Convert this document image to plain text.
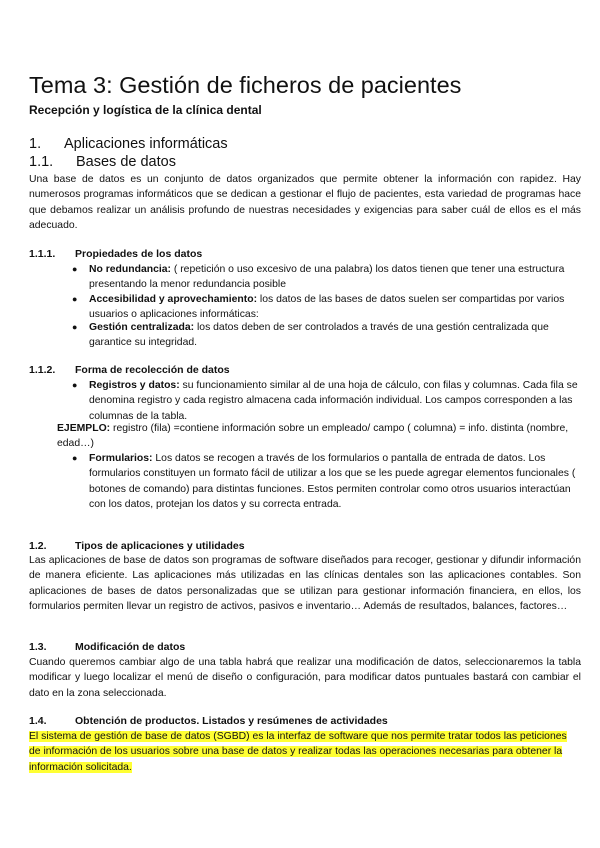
Tema 3: Gestión de ficheros de pacientes
Recepción y logística de la clínica dental
1. Aplicaciones informáticas
1.1. Bases de datos
Una base de datos es un conjunto de datos organizados que permite obtener la información con rapidez. Hay numerosos programas informáticos que se dedican a gestionar el flujo de pacientes, esta variedad de programas hace que debamos realizar un análisis profundo de nuestras necesidades y exigencias para saber cuál de ellos es el más adecuado.
1.1.1. Propiedades de los datos
● No redundancia: ( repetición o uso excesivo de una palabra) los datos tienen que tener una estructura presentando la menor redundancia posible
● Accesibilidad y aprovechamiento: los datos de las bases de datos suelen ser compartidas por varios usuarios o aplicaciones informáticas:
● Gestión centralizada: los datos deben de ser controlados a través de una gestión centralizada que garantice su integridad.
1.1.2. Forma de recolección de datos
● Registros y datos: su funcionamiento similar al de una hoja de cálculo, con filas y columnas. Cada fila se denomina registro y cada registro almacena cada información individual. Los campos corresponden a las columnas de la tabla.
EJEMPLO: registro (fila) =contiene información sobre un empleado/ campo ( columna) = info. distinta (nombre, edad…)
● Formularios: Los datos se recogen a través de los formularios o pantalla de entrada de datos. Los formularios constituyen un formato fácil de utilizar a los que se les puede agregar elementos funcionales ( botones de comando) para distintas funciones. Estos permiten controlar como otros usuarios interactúan con los datos, protejan los datos y su correcta entrada.
1.2.	Tipos de aplicaciones y utilidades
Las aplicaciones de base de datos son programas de software diseñados para recoger, gestionar y difundir información de manera eficiente. Las aplicaciones más utilizadas en las clínicas dentales son las aplicaciones contables. Son aplicaciones de bases de datos personalizadas que se utilizan para gestionar información financiera, en ellos, los formularios permiten llevar un registro de activos, pasivos e inventario… Además de resultados, balances, factores…
1.3.	Modificación de datos
Cuando queremos cambiar algo de una tabla habrá que realizar una modificación de datos, seleccionaremos la tabla modificar y luego localizar el menú de diseño o configuración, para modificar datos puntuales bastará con cambiar el dato en la zona seleccionada.
1.4.	Obtención de productos. Listados y resúmenes de actividades
El sistema de gestión de base de datos (SGBD) es la interfaz de software que nos permite tratar todos las peticiones de información de los usuarios sobre una base de datos y realizar todas las operaciones necesarias para obtener la información solicitada.
